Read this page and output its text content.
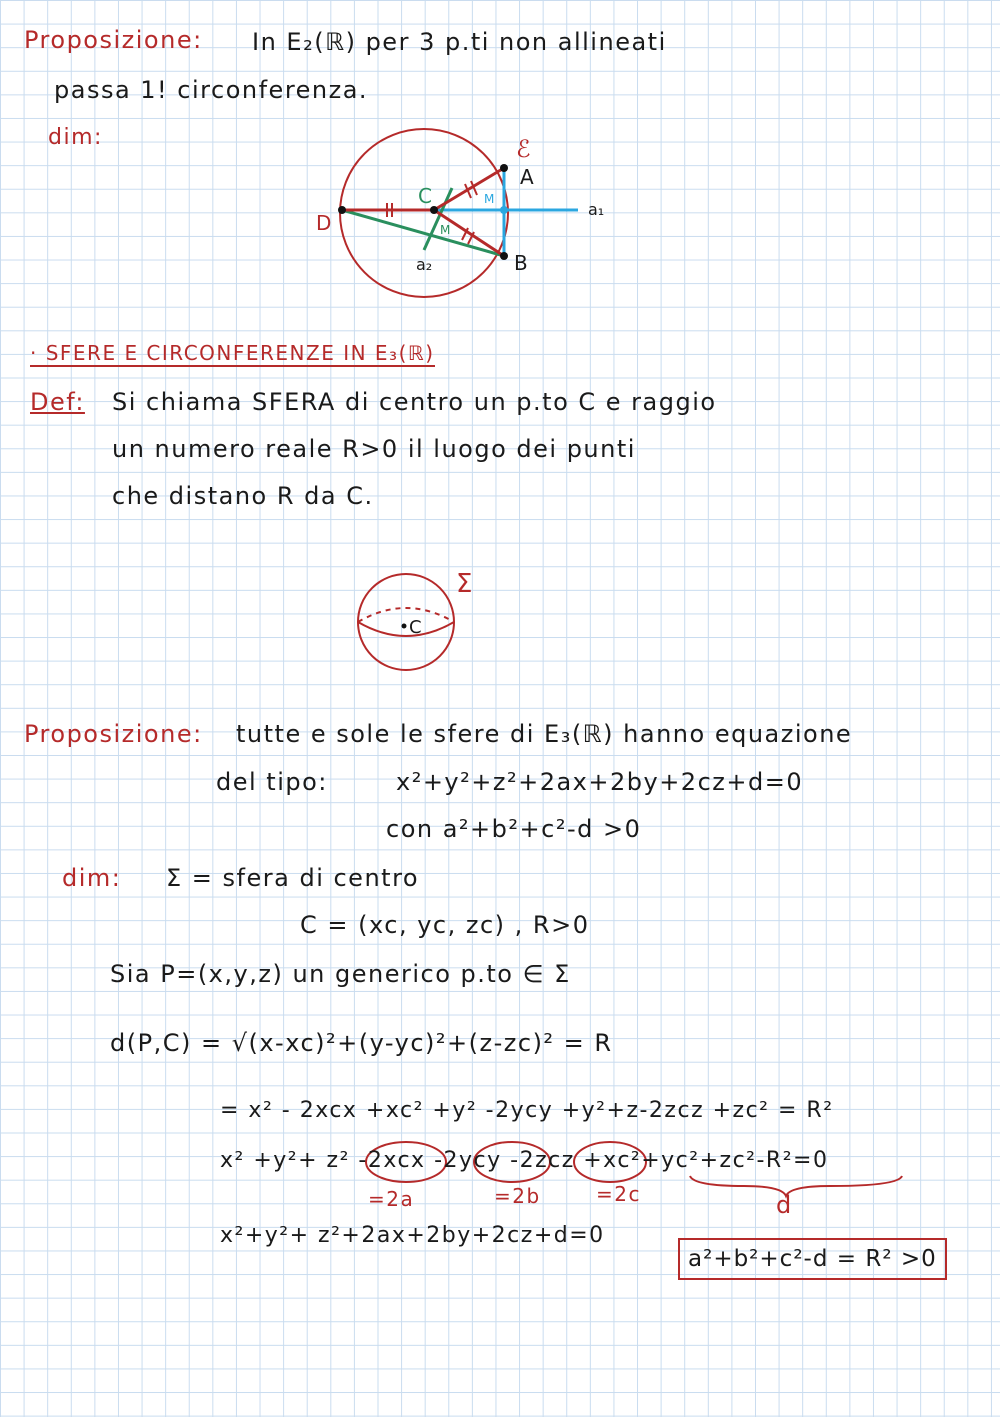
Proposizione: In E₂(ℝ) per 3 p.ti non allineati
passa 1! circonferenza.
dim:	ℰ
A
B
D
C	M
M
a₁
a₂
C
Σ
· SFERE E CIRCONFERENZE IN E₃(ℝ)
Def: Si chiama SFERA di centro un p.to C e raggio
un numero reale R>0 il luogo dei punti
che distano R da C.
Proposizione: tutte e sole le sfere di E₃(ℝ) hanno equazione
del tipo:	x²+y²+z²+2ax+2by+2cz+d=0
con a²+b²+c²-d >0
dim: Σ = sfera di centro
C = (xc, yc, zc) , R>0
Sia P=(x,y,z) un generico p.to ∈ Σ
d(P,C) = √(x-xc)²+(y-yc)²+(z-zc)² = R
= x² - 2xcx +xc² +y² -2ycy +y²+z-2zcz +zc² = R²
x² +y²+ z² -2xcx -2ycy -2zcz +xc²+yc²+zc²-R²=0
=2a	=2b	=2c	d
x²+y²+ z²+2ax+2by+2cz+d=0
a²+b²+c²-d = R² >0
